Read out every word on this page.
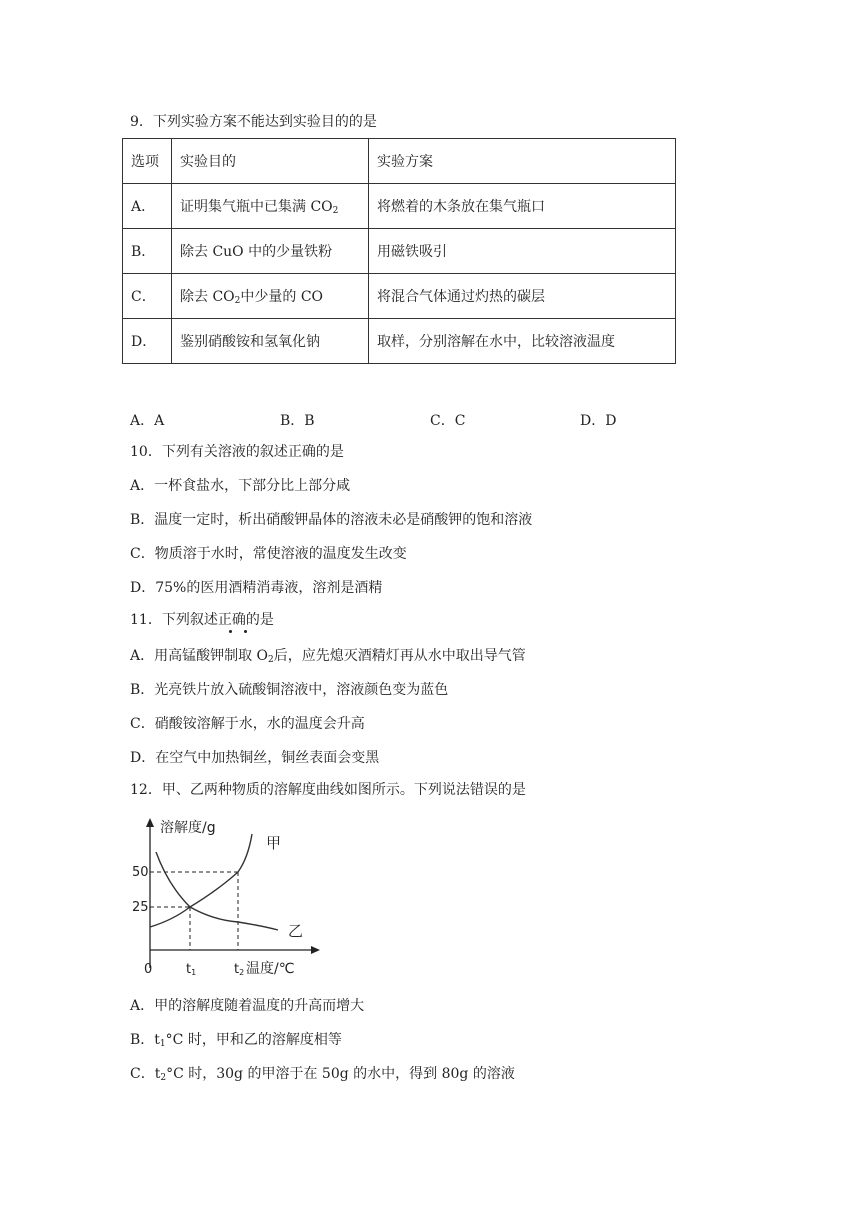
9．下列实验方案不能达到实验目的的是
选项	实验目的	实验方案
A．	证明集气瓶中已集满 $CO_2$	将燃着的木条放在集气瓶口
B．	除去 CuO 中的少量铁粉	用磁铁吸引
C．	除去 $CO_2$中少量的 CO	将混合气体通过灼热的碳层
D．	鉴别硝酸铵和氢氧化钠	取样，分别溶解在水中，比较溶液温度
A．A	B．B	C．C	D．D
10．下列有关溶液的叙述正确的是
A．一杯食盐水，下部分比上部分咸
B．温度一定时，析出硝酸钾晶体的溶液未必是硝酸钾的饱和溶液
C．物质溶于水时，常使溶液的温度发生改变
D．75%的医用酒精消毒液，溶剂是酒精
11．下列叙述正确的是
A．用高锰酸钾制取 $O_2$后，应先熄灭酒精灯再从水中取出导气管
B．光亮铁片放入硫酸铜溶液中，溶液颜色变为蓝色
C．硝酸铵溶解于水，水的温度会升高
D．在空气中加热铜丝，铜丝表面会变黑
12．甲、乙两种物质的溶解度曲线如图所示。下列说法错误的是
溶解度/g
温度/℃
0
50
25
t1	t2
甲
乙
A．甲的溶解度随着温度的升高而增大
B．$t_1^\circ C$ 时，甲和乙的溶解度相等
C．$t_2^\circ C$ 时，30g 的甲溶于在 50g 的水中，得到 80g 的溶液
